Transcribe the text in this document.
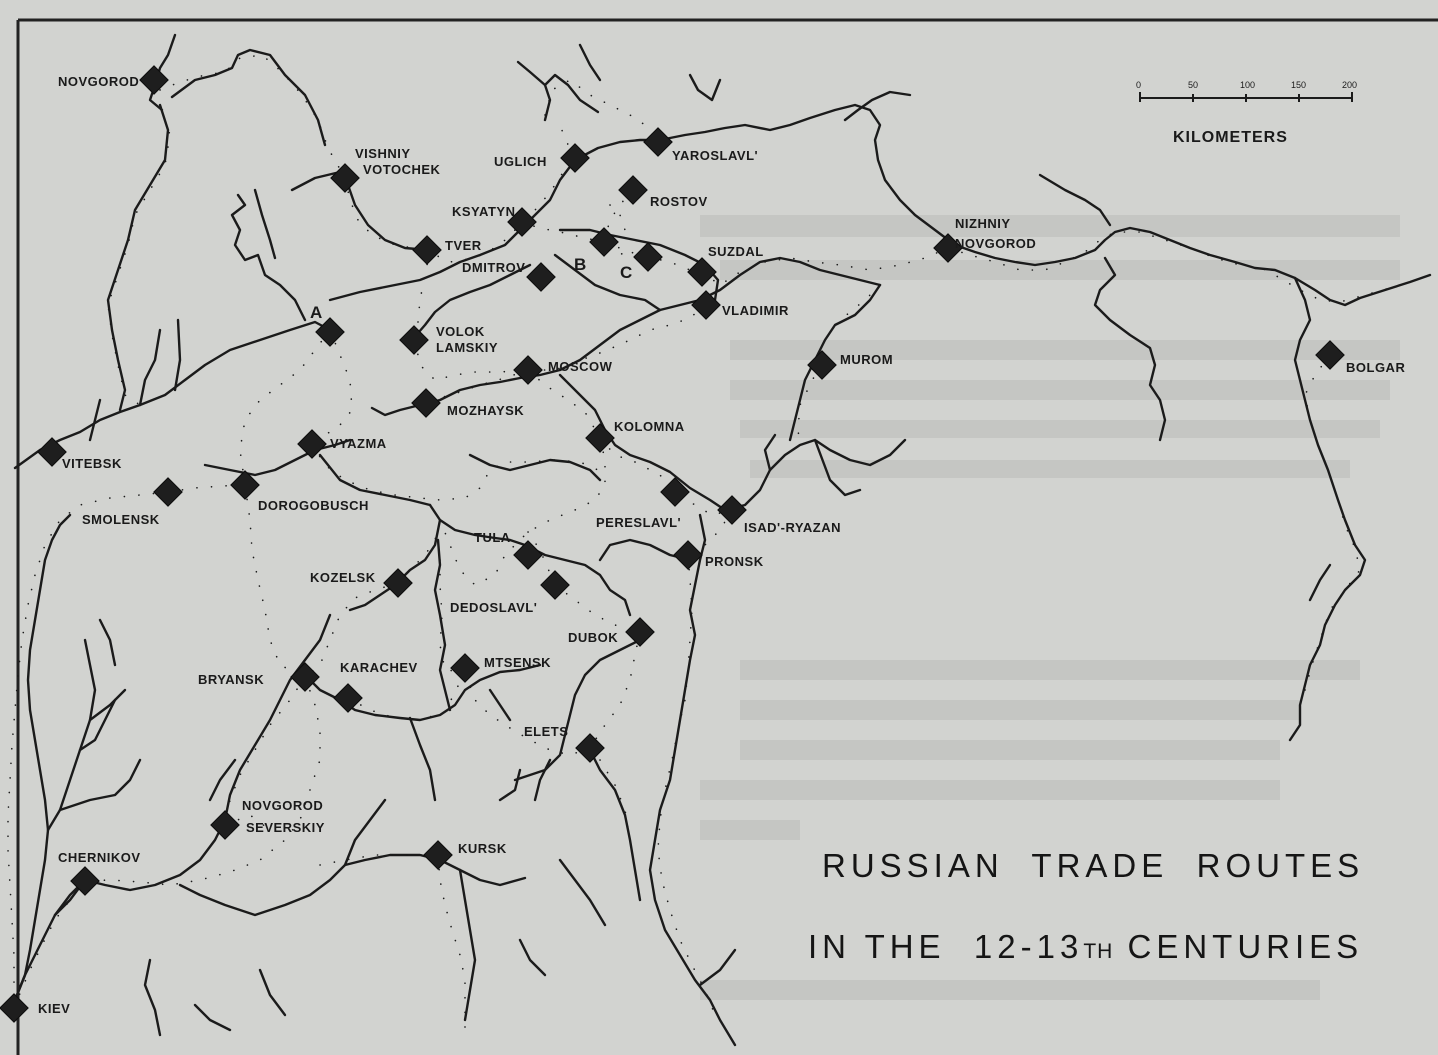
NOVGOROD
VISHNIY
VOTOCHEK
UGLICH	YAROSLAVL'
ROSTOV
KSYATYN
TVER
DMITROV	B C
SUZDAL
VLADIMIR
NIZHNIY
NOVGOROD
BOLGAR
MUROM
A
VOLOK
LAMSKIY
MOSCOW
MOZHAYSK
KOLOMNA
VITEBSK
VYAZMA
SMOLENSK
DOROGOBUSCH
PERESLAVL'	ISAD'-RYAZAN
TULA
PRONSK
KOZELSK
DEDOSLAVL'
DUBOK
BRYANSK
KARACHEV	MTSENSK
ELETS
NOVGOROD
SEVERSKIY
KURSK
CHERNIKOV
KIEV
0	50	100	150	200
KILOMETERS
RUSSIAN  TRADE  ROUTES
IN THE  12-13TH CENTURIES
